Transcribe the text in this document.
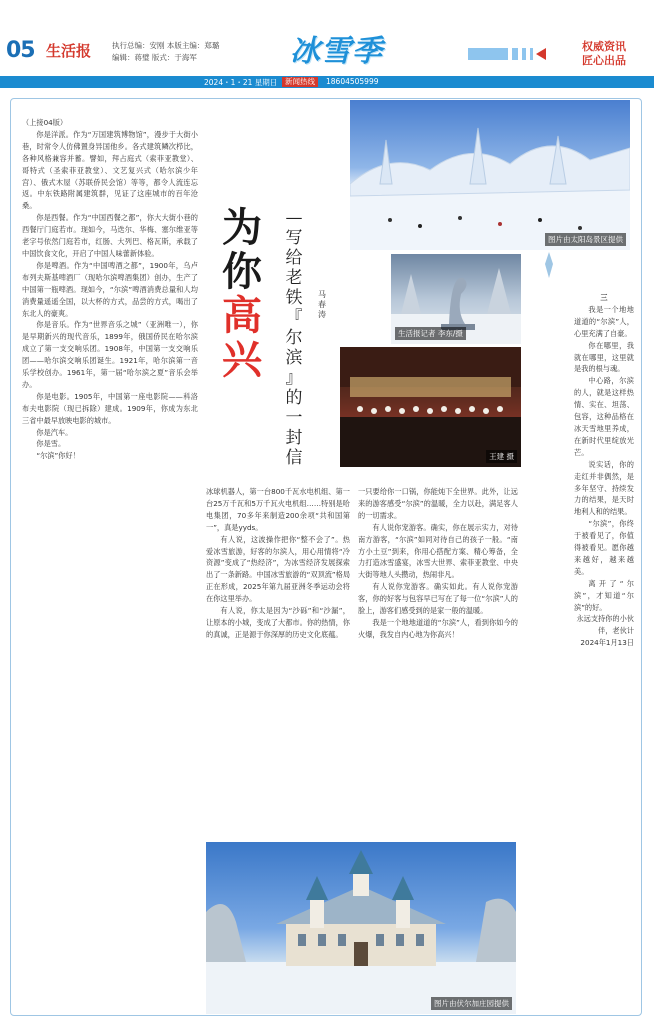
05 生活报	执行总编：安刚 本版主编：郑璐
编辑：蒋璧 版式：于海军	冰雪季	权威资讯
匠心出品
2024・1・21 星期日	新闻热线	18604505999

（上接04版）

你是洋派。作为“万国建筑博物馆”，漫步于大街小巷，时常令人仿佛置身异国他乡。各式建筑鳞次栉比，各种风格兼容并蓄。譬如，拜占庭式（索菲亚教堂）、哥特式（圣索菲亚教堂）、文艺复兴式（哈尔滨少年宫）、俄式木屋（苏联侨民会馆）等等，都令人流连忘返。中东铁路附属建筑群，见证了这座城市的百年沧桑。

你是西餐。作为“中国西餐之都”，你大大街小巷的西餐厅门庭若市。现如今，马迭尔、华梅、塞尔维亚等老字号依然门庭若市，红肠、大列巴、格瓦斯，承载了中国饮食文化，开启了中国人味蕾新体验。

你是啤酒。作为“中国啤酒之都”，1900年，乌卢布列夫斯基啤酒厂（现哈尔滨啤酒集团）创办，生产了中国第一瓶啤酒。现如今，“尔滨”啤酒消费总量和人均消费量遥遥全国，以大杯的方式，品尝的方式，喝出了东北人的豪爽。

你是音乐。作为“世界音乐之城”（亚洲唯一），你是早期新兴的现代音乐，1899年，俄国侨民在哈尔滨成立了第一支交响乐团。1908年，中国第一支交响乐团——哈尔滨交响乐团诞生。1921年，哈尔滨第一音乐学校创办。1961年，第一届“哈尔滨之夏”音乐会举办。

你是电影。1905年，中国第一座电影院——科洛布夫电影院（现已拆除）建成。1909年，你成为东北三省中最早放映电影的城市。

你是汽车。

你是雪。

“尔滨”你好！

为
你
高
兴
—
写
给
老
铁
『
尔
滨
』
的
一
封
信
马春涛
图片由太阳岛景区提供
生活报记者 李东/摄
王建 摄

冰球机器人，第一台800千瓦水电机组、第一台25万千瓦和5万千瓦火电机组……特别是哈电集团，70多年来制造200余项“共和国第一”，真是yyds。

有人说，这波操作把你“整不会了”。热爱冰雪旅游，好客的尔滨人，用心用情将“冷资源”变成了“热经济”，为冰雪经济发展探索出了一条新路。中国冰雪旅游的“双顶流”格局正在形成，2025年第九届亚洲冬季运动会将在你这里举办。

有人说，你太是因为“沙砾”和“沙漏”，让原本的小城，变成了大都市。你的热情，你的真诚，正是源于你深厚的历史文化底蕴。

一只要给你一口锅，你能炖下全世界。此外，让远来的游客感受“尔滨”的温暖，全力以赴，满足客人的一切需求。

有人说你宠游客。确实，你在展示实力，对待南方游客，“尔滨”如同对待自己的孩子一般。“南方小土豆”到来，你用心搭配方案、精心筹备，全力打造冰雪盛宴，冰雪大世界、索菲亚教堂、中央大街等地人头攒动，热闹非凡。

有人说你宠游客。确实如此。有人说你宠游客，你的好客与包容早已写在了每一位“尔滨”人的脸上，游客们感受到的是家一般的温暖。

我是一个地地道道的“尔滨”人，看到你如今的火爆，我发自内心地为你高兴！

三

我是一个地地道道的“尔滨”人，心里充满了自豪。

你在哪里，我就在哪里，这里就是我的根与魂。

中心路，尔滨的人，就是这样热情、实在、坦荡、包容，这种品格在冰天雪地里养成，在新时代里绽放光芒。

说实话，你的走红并非偶然，是多年坚守、持续发力的结果，是天时地利人和的结果。

“尔滨”，你终于被看见了，你值得被看见。愿你越来越好，越来越美。

离开了“尔滨”，才知道“尔滨”的好。

永远支持你的小伙伴，老伙计

2024年1月13日

图片由伏尔加庄园提供
